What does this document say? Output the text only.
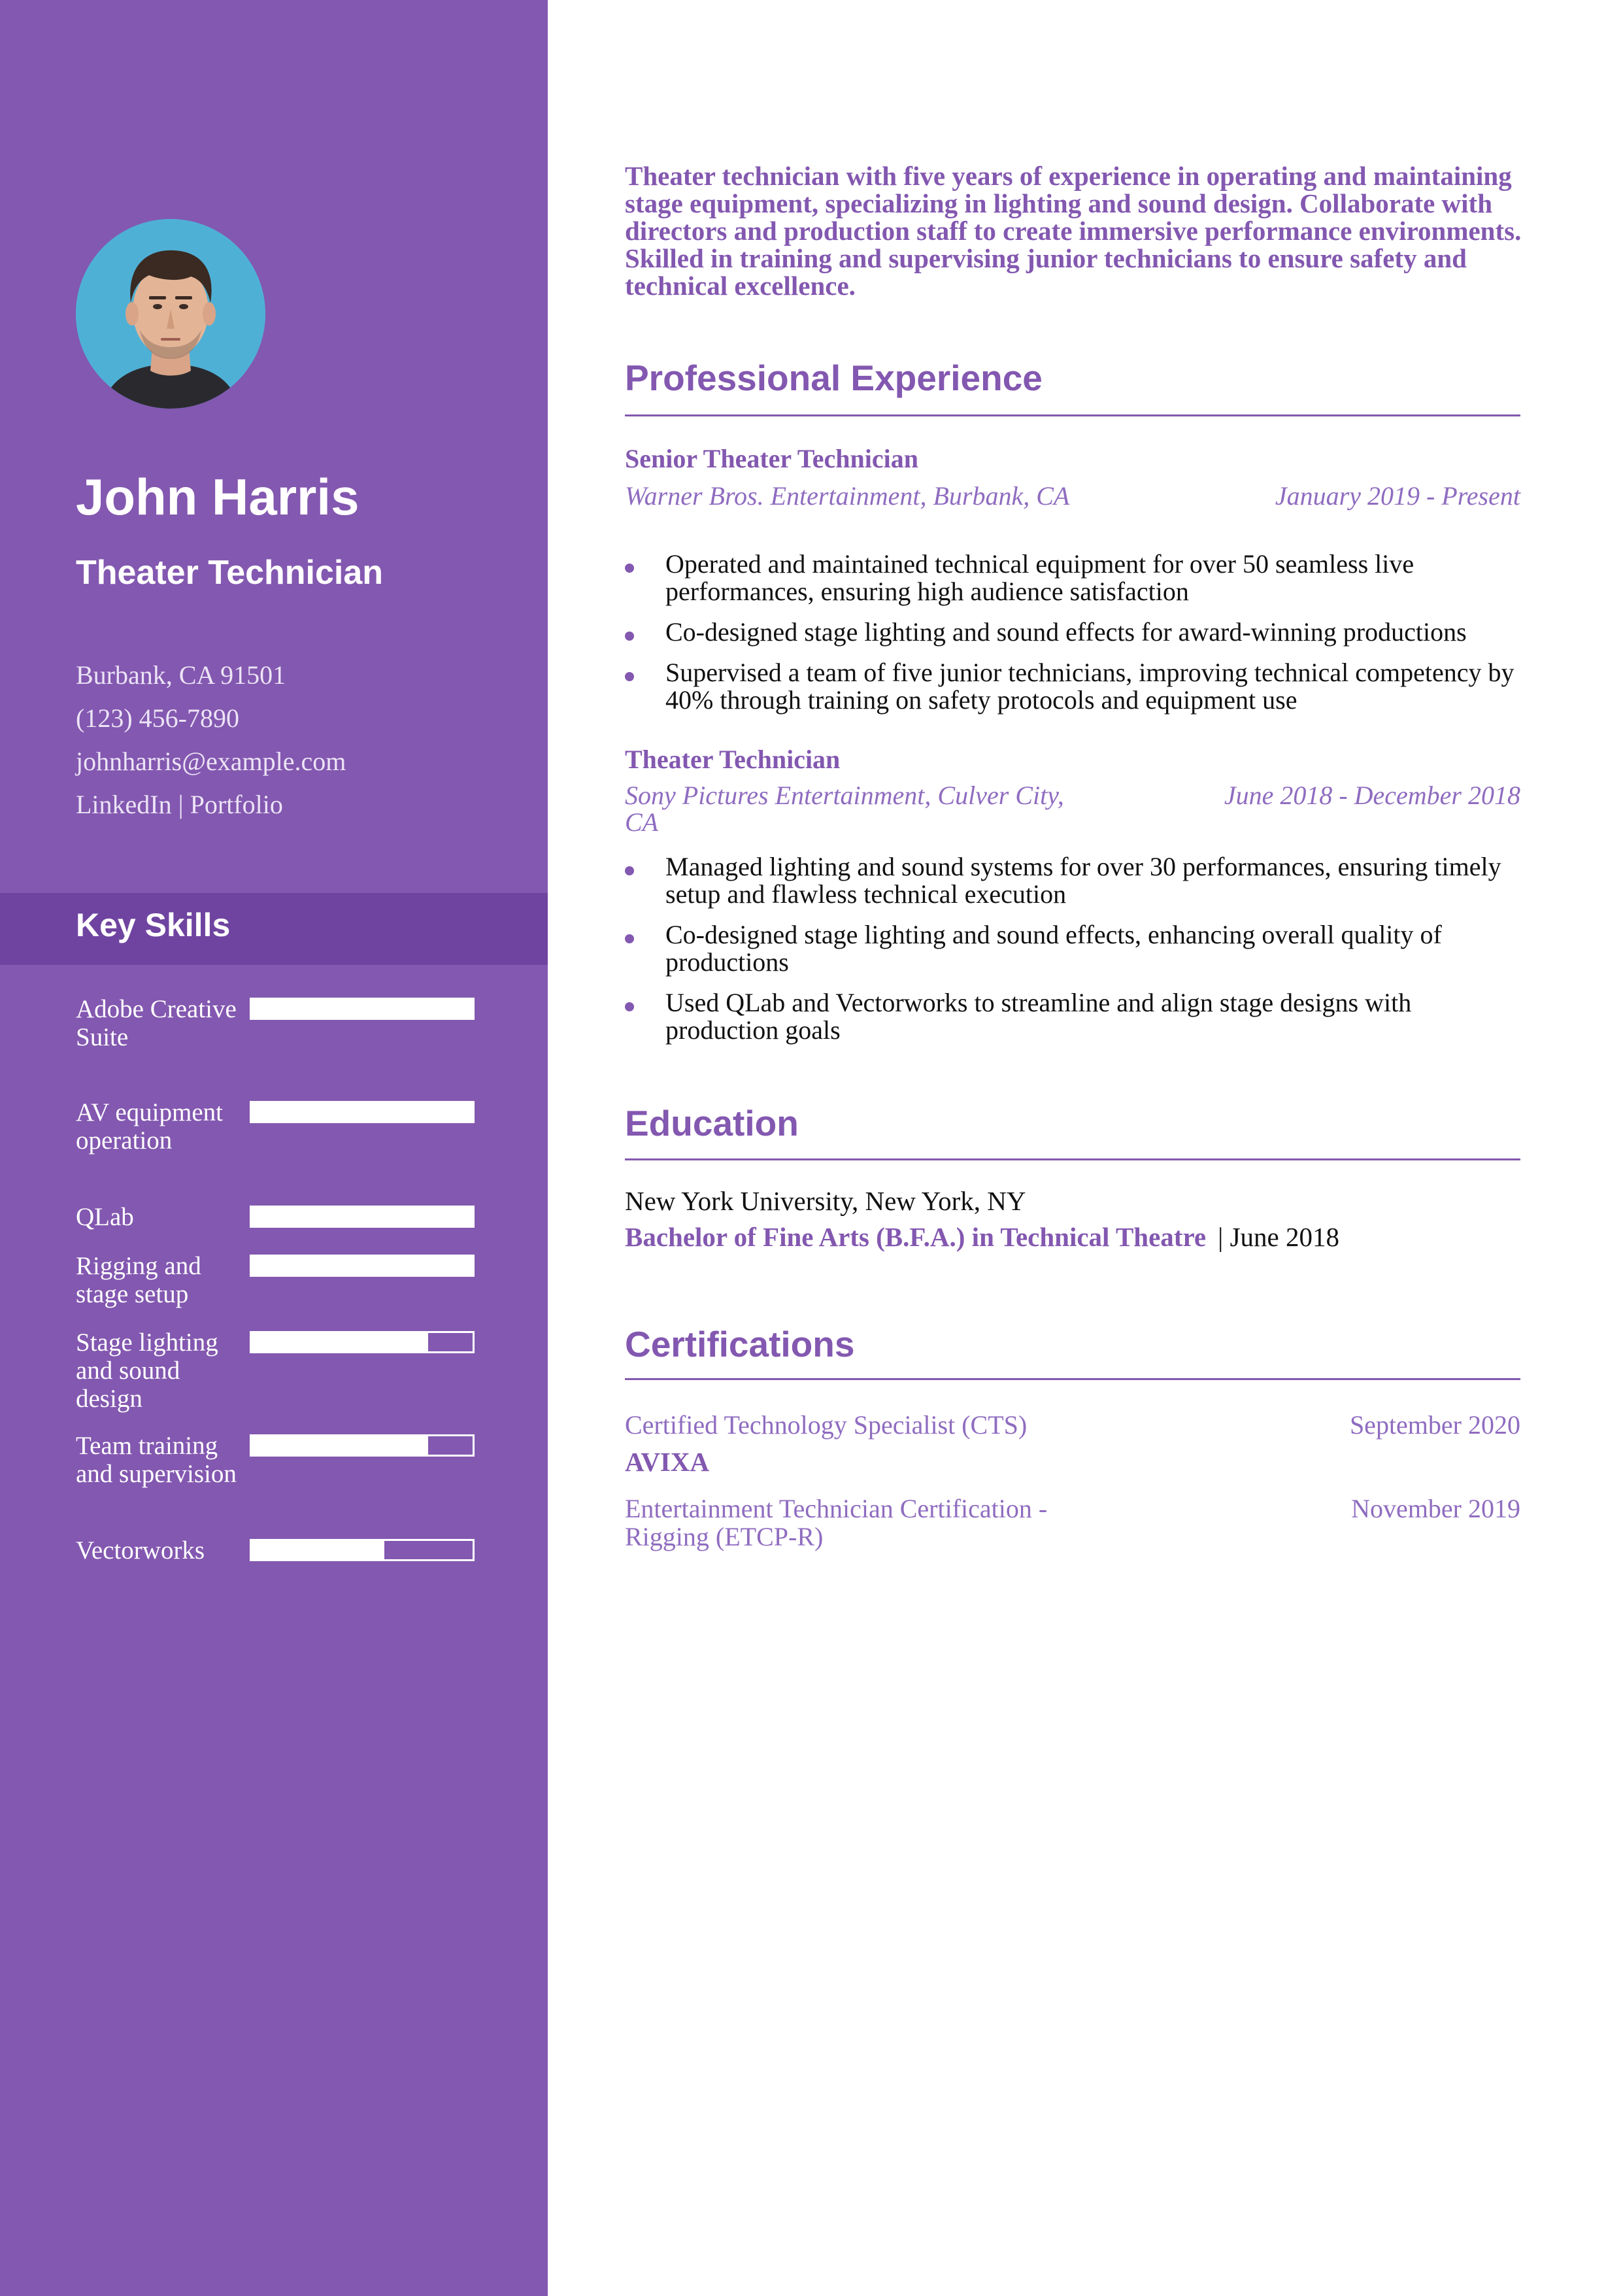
John Harris
Theater Technician
Burbank, CA 91501
(123) 456-7890
johnharris@example.com
LinkedIn | Portfolio
Key Skills
Adobe Creative Suite
AV equipment operation
QLab
Rigging and stage setup
Stage lighting and sound design
Team training and supervision
Vectorworks

Theater technician with five years of experience in operating and maintaining stage equipment, specializing in lighting and sound design. Collaborate with directors and production staff to create immersive performance environments. Skilled in training and supervising junior technicians to ensure safety and technical excellence.

Professional Experience
Senior Theater Technician
Warner Bros. Entertainment, Burbank, CA	January 2019 - Present
Operated and maintained technical equipment for over 50 seamless live performances, ensuring high audience satisfaction
Co-designed stage lighting and sound effects for award-winning productions
Supervised a team of five junior technicians, improving technical competency by 40% through training on safety protocols and equipment use
Theater Technician
Sony Pictures Entertainment, Culver City, CA
June 2018 - December 2018
Managed lighting and sound systems for over 30 performances, ensuring timely setup and flawless technical execution
Co-designed stage lighting and sound effects, enhancing overall quality of productions
Used QLab and Vectorworks to streamline and align stage designs with production goals
Education
New York University, New York, NY
Bachelor of Fine Arts (B.F.A.) in Technical Theatre | June 2018
Certifications
Certified Technology Specialist (CTS)	September 2020
AVIXA
Entertainment Technician Certification - Rigging (ETCP-R)
November 2019
